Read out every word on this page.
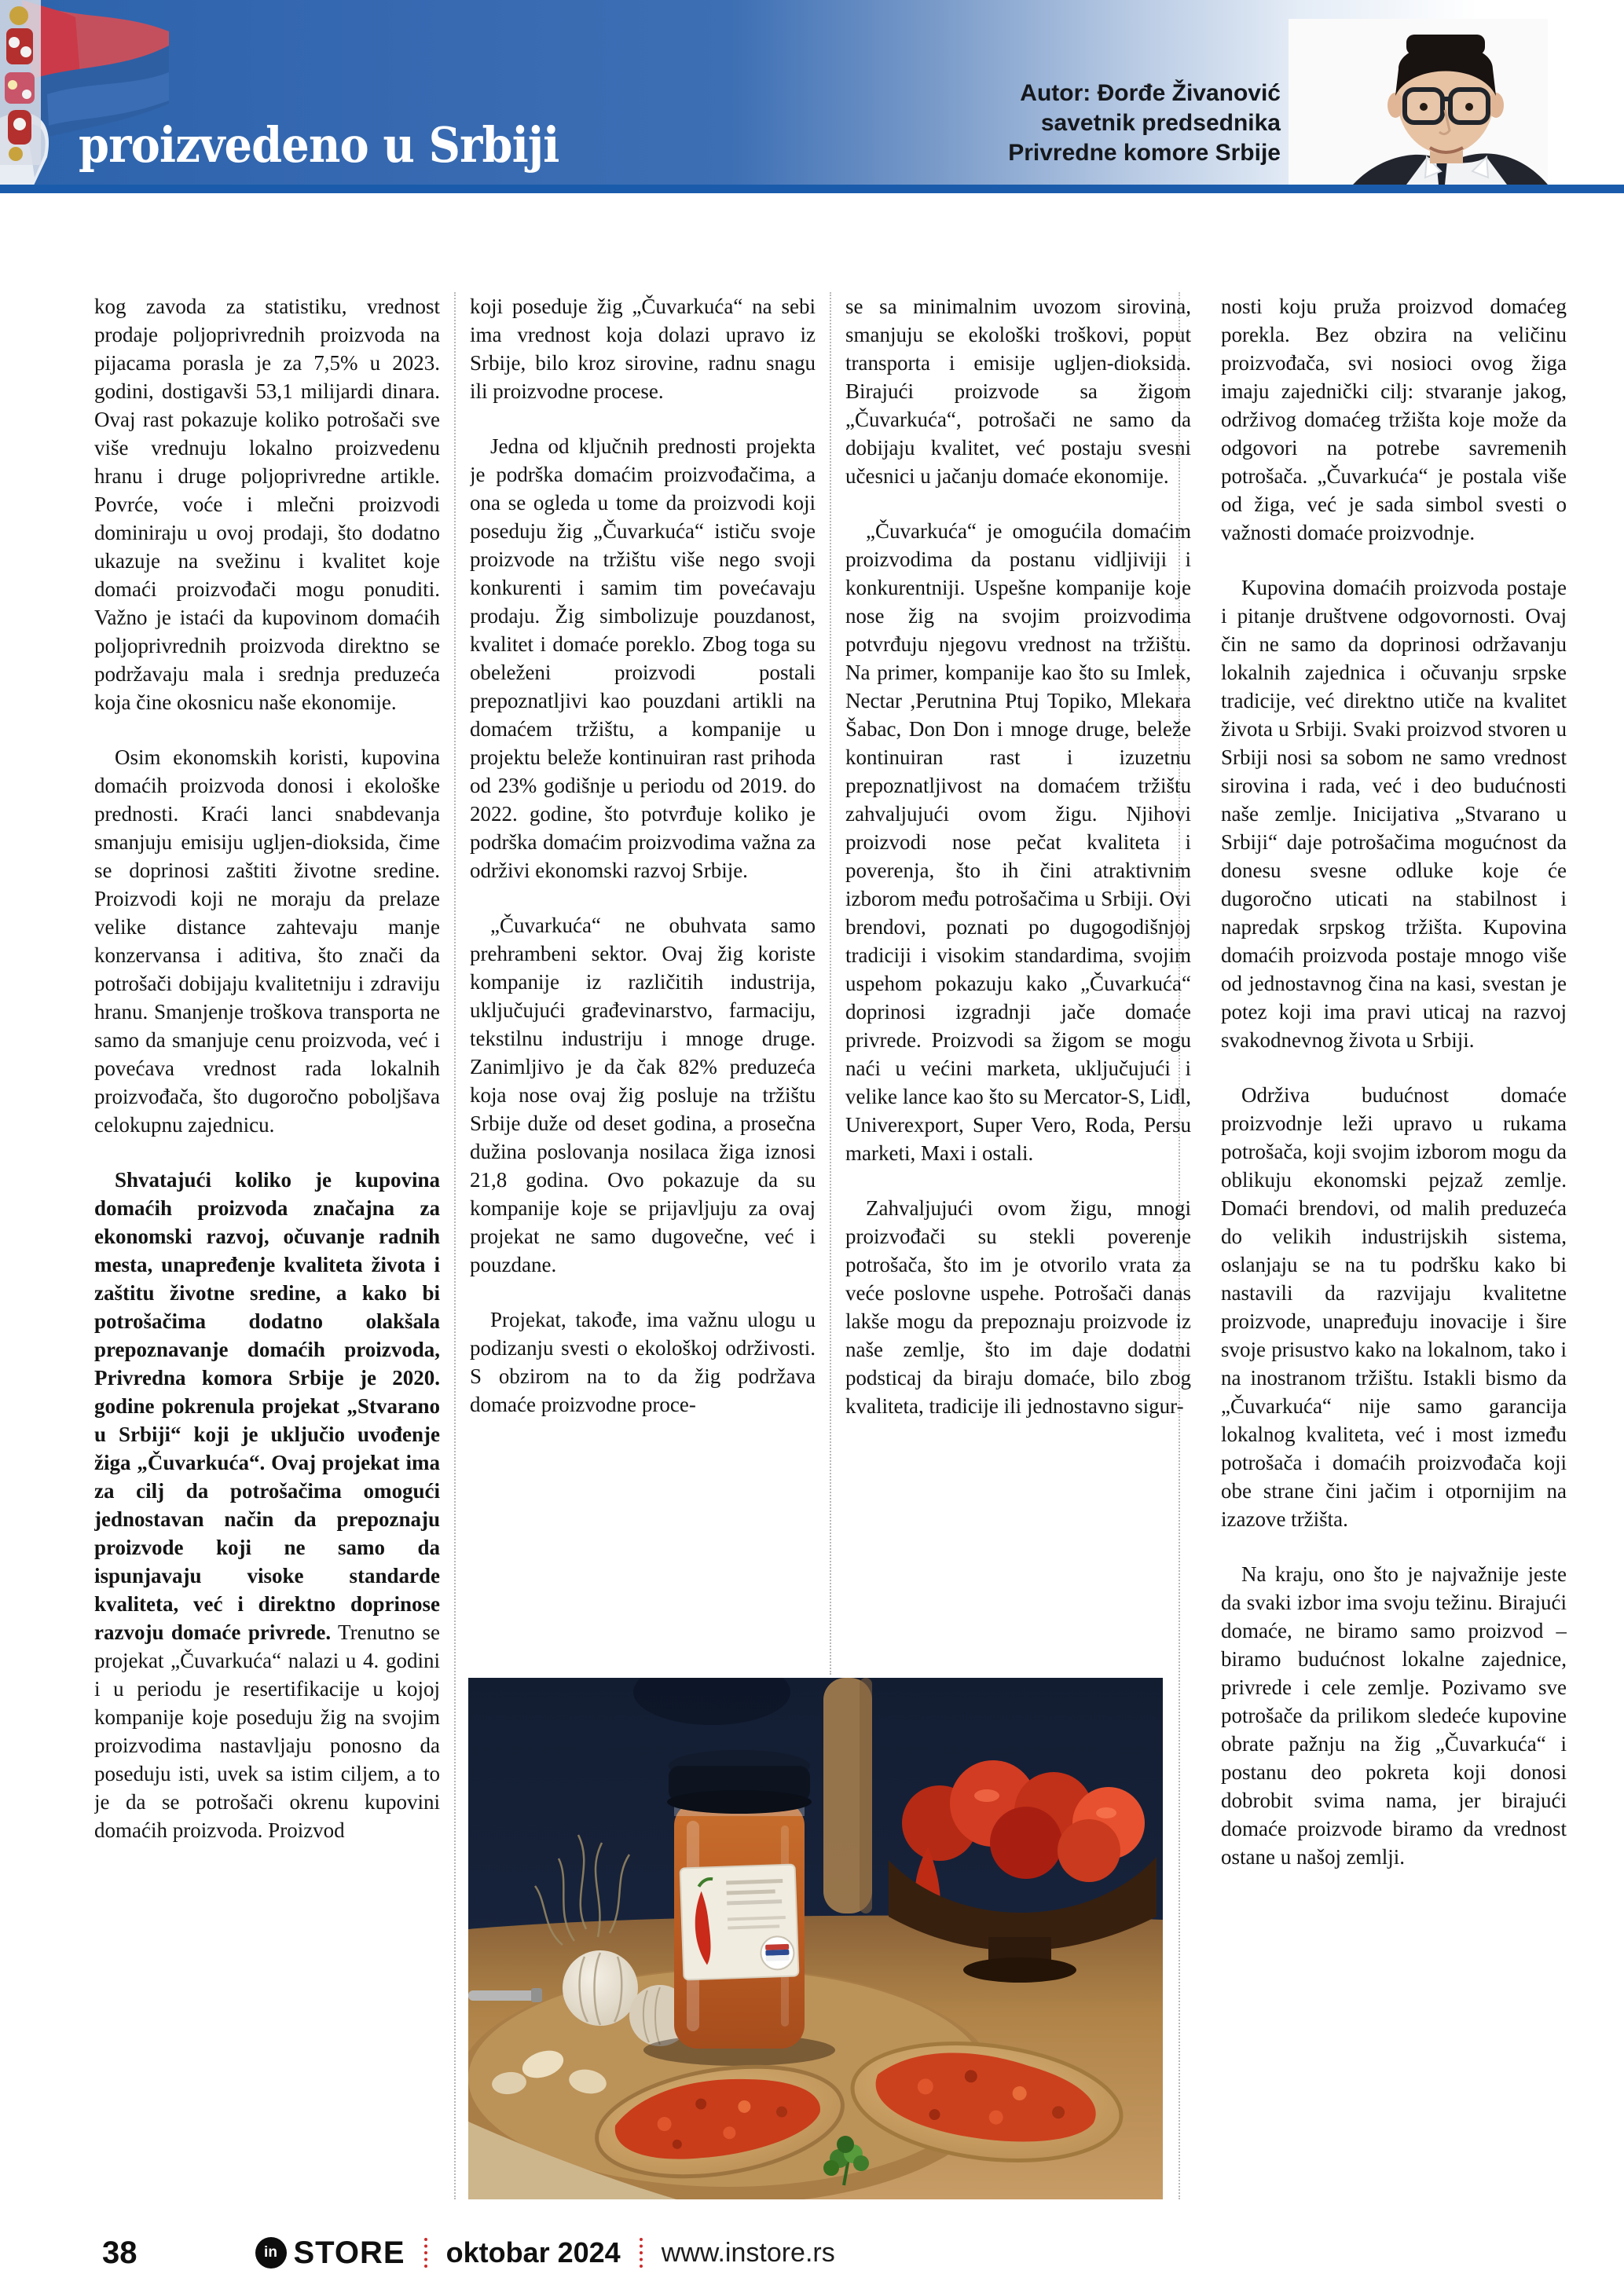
proizvedeno u Srbiji
Autor: Đorđe Živanović
savetnik predsednika
Privredne komore Srbije

kog zavoda za statistiku, vrednost prodaje poljoprivrednih proizvoda na pijacama porasla je za 7,5% u 2023. godini, dostigavši 53,1 milijardi dinara. Ovaj rast pokazuje koliko potrošači sve više vrednuju lokalno proizvedenu hranu i druge poljoprivredne artikle. Povrće, voće i mlečni proizvodi dominiraju u ovoj prodaji, što dodatno ukazuje na svežinu i kvalitet koje domaći proizvođači mogu ponuditi. Važno je istaći da kupovinom domaćih poljoprivrednih proizvoda direktno se podržavaju mala i srednja preduzeća koja čine okosnicu naše ekonomije.

Osim ekonomskih koristi, kupovina domaćih proizvoda donosi i ekološke prednosti. Kraći lanci snabdevanja smanjuju emisiju ugljen-dioksida, čime se doprinosi zaštiti životne sredine. Proizvodi koji ne moraju da prelaze velike distance zahtevaju manje konzervansa i aditiva, što znači da potrošači dobijaju kvalitetniju i zdraviju hranu. Smanjenje troškova transporta ne samo da smanjuje cenu proizvoda, već i povećava vrednost rada lokalnih proizvođača, što dugoročno poboljšava celokupnu zajednicu.

Shvatajući koliko je kupovina domaćih proizvoda značajna za ekonomski razvoj, očuvanje radnih mesta, unapređenje kvaliteta života i zaštitu životne sredine, a kako bi potrošačima dodatno olakšala prepoznavanje domaćih proizvoda, Privredna komora Srbije je 2020. godine pokrenula projekat „Stvarano u Srbiji“ koji je uključio uvođenje žiga „Čuvarkuća“. Ovaj projekat ima za cilj da potrošačima omogući jednostavan način da prepoznaju proizvode koji ne samo da ispunjavaju visoke standarde kvaliteta, već i direktno doprinose razvoju domaće privrede. Trenutno se projekat „Čuvarkuća“ nalazi u 4. godini i u periodu je resertifikacije u kojoj kompanije koje poseduju žig na svojim proizvodima nastavljaju ponosno da poseduju isti, uvek sa istim ciljem, a to je da se potrošači okrenu kupovini domaćih proizvoda. Proizvod

koji poseduje žig „Čuvarkuća“ na sebi ima vrednost koja dolazi upravo iz Srbije, bilo kroz sirovine, radnu snagu ili proizvodne procese.

Jedna od ključnih prednosti projekta je podrška domaćim proizvođačima, a ona se ogleda u tome da proizvodi koji poseduju žig „Čuvarkuća“ ističu svoje proizvode na tržištu više nego svoji konkurenti i samim tim povećavaju prodaju. Žig simbolizuje pouzdanost, kvalitet i domaće poreklo. Zbog toga su obeleženi proizvodi postali prepoznatljivi kao pouzdani artikli na domaćem tržištu, a kompanije u projektu beleže kontinuiran rast prihoda od 23% godišnje u periodu od 2019. do 2022. godine, što potvrđuje koliko je podrška domaćim proizvodima važna za održivi ekonomski razvoj Srbije.

„Čuvarkuća“ ne obuhvata samo prehrambeni sektor. Ovaj žig koriste kompanije iz različitih industrija, uključujući građevinarstvo, farmaciju, tekstilnu industriju i mnoge druge. Zanimljivo je da čak 82% preduzeća koja nose ovaj žig posluje na tržištu Srbije duže od deset godina, a prosečna dužina poslovanja nosilaca žiga iznosi 21,8 godina. Ovo pokazuje da su kompanije koje se prijavljuju za ovaj projekat ne samo dugovečne, već i pouzdane.

Projekat, takođe, ima važnu ulogu u podizanju svesti o ekološkoj održivosti. S obzirom na to da žig podržava domaće proizvodne proce-

se sa minimalnim uvozom sirovina, smanjuju se ekološki troškovi, poput transporta i emisije ugljen-dioksida. Birajući proizvode sa žigom „Čuvarkuća“, potrošači ne samo da dobijaju kvalitet, već postaju svesni učesnici u jačanju domaće ekonomije.

„Čuvarkuća“ je omogućila domaćim proizvodima da postanu vidljiviji i konkurentniji. Uspešne kompanije koje nose žig na svojim proizvodima potvrđuju njegovu vrednost na tržištu. Na primer, kompanije kao što su Imlek, Nectar ,Perutnina Ptuj Topiko, Mlekara Šabac, Don Don i mnoge druge, beleže kontinuiran rast i izuzetnu prepoznatljivost na domaćem tržištu zahvaljujući ovom žigu. Njihovi proizvodi nose pečat kvaliteta i poverenja, što ih čini atraktivnim izborom među potrošačima u Srbiji. Ovi brendovi, poznati po dugogodišnjoj tradiciji i visokim standardima, svojim uspehom pokazuju kako „Čuvarkuća“ doprinosi izgradnji jače domaće privrede. Proizvodi sa žigom se mogu naći u većini marketa, uključujući i velike lance kao što su Mercator-S, Lidl, Univerexport, Super Vero, Roda, Persu marketi, Maxi i ostali.

Zahvaljujući ovom žigu, mnogi proizvođači su stekli poverenje potrošača, što im je otvorilo vrata za veće poslovne uspehe. Potrošači danas lakše mogu da prepoznaju proizvode iz naše zemlje, što im daje dodatni podsticaj da biraju domaće, bilo zbog kvaliteta, tradicije ili jednostavno sigur-

nosti koju pruža proizvod domaćeg porekla. Bez obzira na veličinu proizvođača, svi nosioci ovog žiga imaju zajednički cilj: stvaranje jakog, održivog domaćeg tržišta koje može da odgovori na potrebe savremenih potrošača. „Čuvarkuća“ je postala više od žiga, već je sada simbol svesti o važnosti domaće proizvodnje.

Kupovina domaćih proizvoda postaje i pitanje društvene odgovornosti. Ovaj čin ne samo da doprinosi održavanju lokalnih zajednica i očuvanju srpske tradicije, već direktno utiče na kvalitet života u Srbiji. Svaki proizvod stvoren u Srbiji nosi sa sobom ne samo vrednost sirovina i rada, već i deo budućnosti naše zemlje. Inicijativa „Stvarano u Srbiji“ daje potrošačima mogućnost da donesu svesne odluke koje će dugoročno uticati na stabilnost i napredak srpskog tržišta. Kupovina domaćih proizvoda postaje mnogo više od jednostavnog čina na kasi, svestan je potez koji ima pravi uticaj na razvoj svakodnevnog života u Srbiji.

Održiva budućnost domaće proizvodnje leži upravo u rukama potrošača, koji svojim izborom mogu da oblikuju ekonomski pejzaž zemlje. Domaći brendovi, od malih preduzeća do velikih industrijskih sistema, oslanjaju se na tu podršku kako bi nastavili da razvijaju kvalitetne proizvode, unapređuju inovacije i šire svoje prisustvo kako na lokalnom, tako i na inostranom tržištu. Istakli bismo da „Čuvarkuća“ nije samo garancija lokalnog kvaliteta, već i most između potrošača i domaćih proizvođača koji obe strane čini jačim i otpornijim na izazove tržišta.

Na kraju, ono što je najvažnije jeste da svaki izbor ima svoju težinu. Birajući domaće, ne biramo samo proizvod – biramo budućnost lokalne zajednice, privrede i cele zemlje. Pozivamo sve potrošače da prilikom sledeće kupovine obrate pažnju na žig „Čuvarkuća“ i postanu deo pokreta koji donosi dobrobit svima nama, jer birajući domaće proizvode biramo da vrednost ostane u našoj zemlji.

38	in STORE oktobar 2024 www.instore.rs
